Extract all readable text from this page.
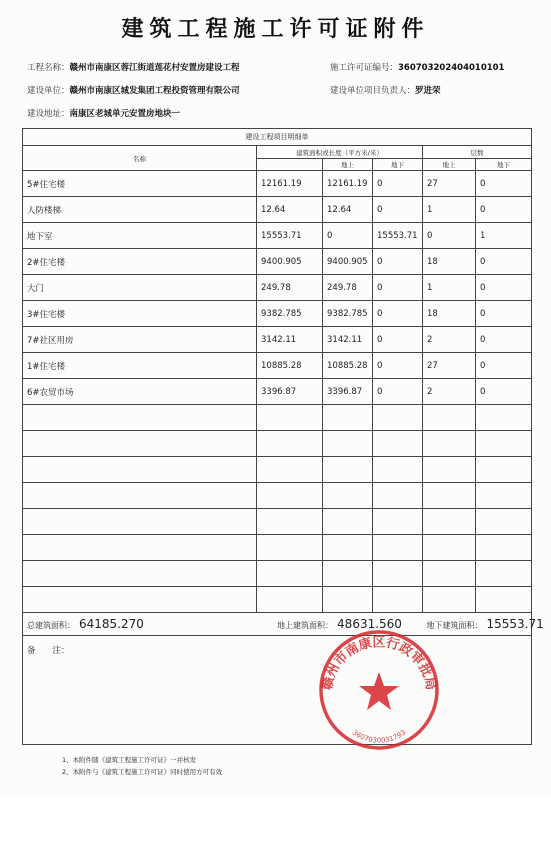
建筑工程施工许可证附件
工程名称：赣州市南康区蓉江街道莲花村安置房建设工程	施工许可证编号：360703202404010101
建设单位：赣州市南康区城发集团工程投资管理有限公司	建设单位项目负责人：罗进荣
建设地址：南康区老城单元安置房地块一
建设工程项目明细单					
名称	建筑面积或长度（平方米/米）			层数	
		地上	地下	地上	地下
5#住宅楼	12161.19	12161.19	0	27	0
人防楼梯	12.64	12.64	0	1	0
地下室	15553.71	0	15553.71	0	1
2#住宅楼	9400.905	9400.905	0	18	0
大门	249.78	249.78	0	1	0
3#住宅楼	9382.785	9382.785	0	18	0
7#社区用房	3142.11	3142.11	0	2	0
1#住宅楼	10885.28	10885.28	0	27	0
6#农贸市场	3396.87	3396.87	0	2	0

总建筑面积： 64185.270	地上建筑面积： 48631.560			地下建筑面积： 15553.71	
备　　注：					
1、本附件随《建筑工程施工许可证》一并核发
2、本附件与《建筑工程施工许可证》同时使用方可有效
赣州市南康区行政审批局
3607030031793
